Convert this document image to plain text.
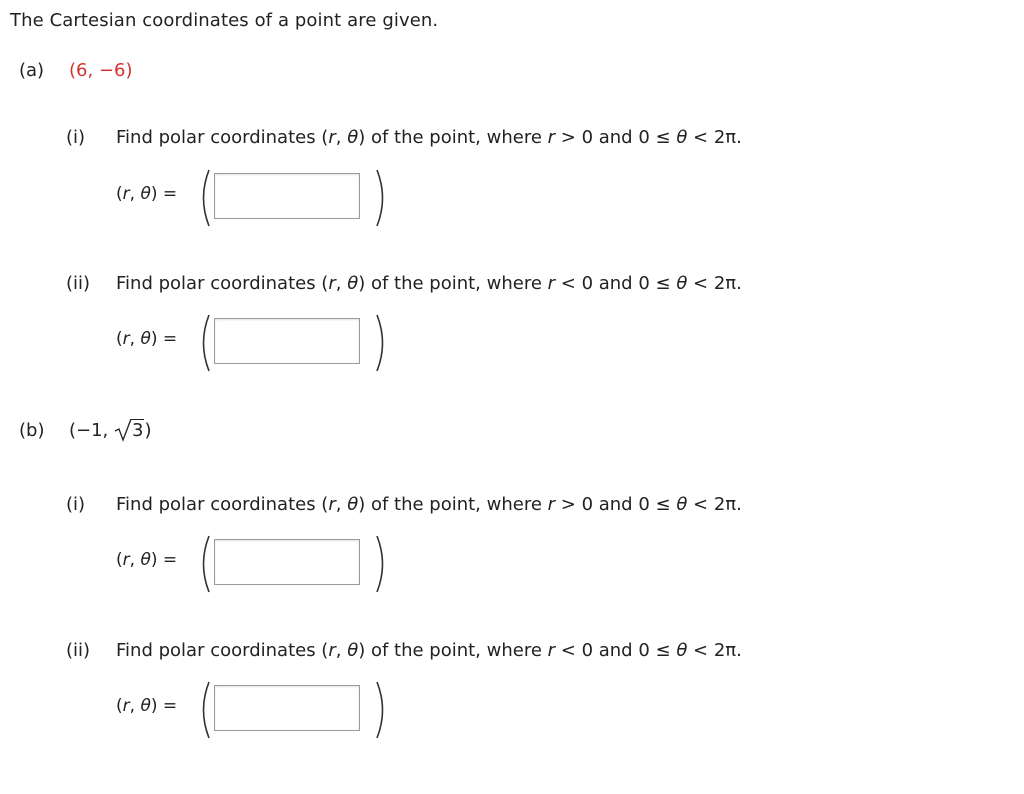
The Cartesian coordinates of a point are given.
(a) (6, −6)
(i) Find polar coordinates (r, θ) of the point, where r > 0 and 0 ≤ θ < 2π.
(r, θ) =
(ii) Find polar coordinates (r, θ) of the point, where r < 0 and 0 ≤ θ < 2π.
(r, θ) =
(b) (−1,
3)
(i) Find polar coordinates (r, θ) of the point, where r > 0 and 0 ≤ θ < 2π.
(r, θ) =
(ii) Find polar coordinates (r, θ) of the point, where r < 0 and 0 ≤ θ < 2π.
(r, θ) =
